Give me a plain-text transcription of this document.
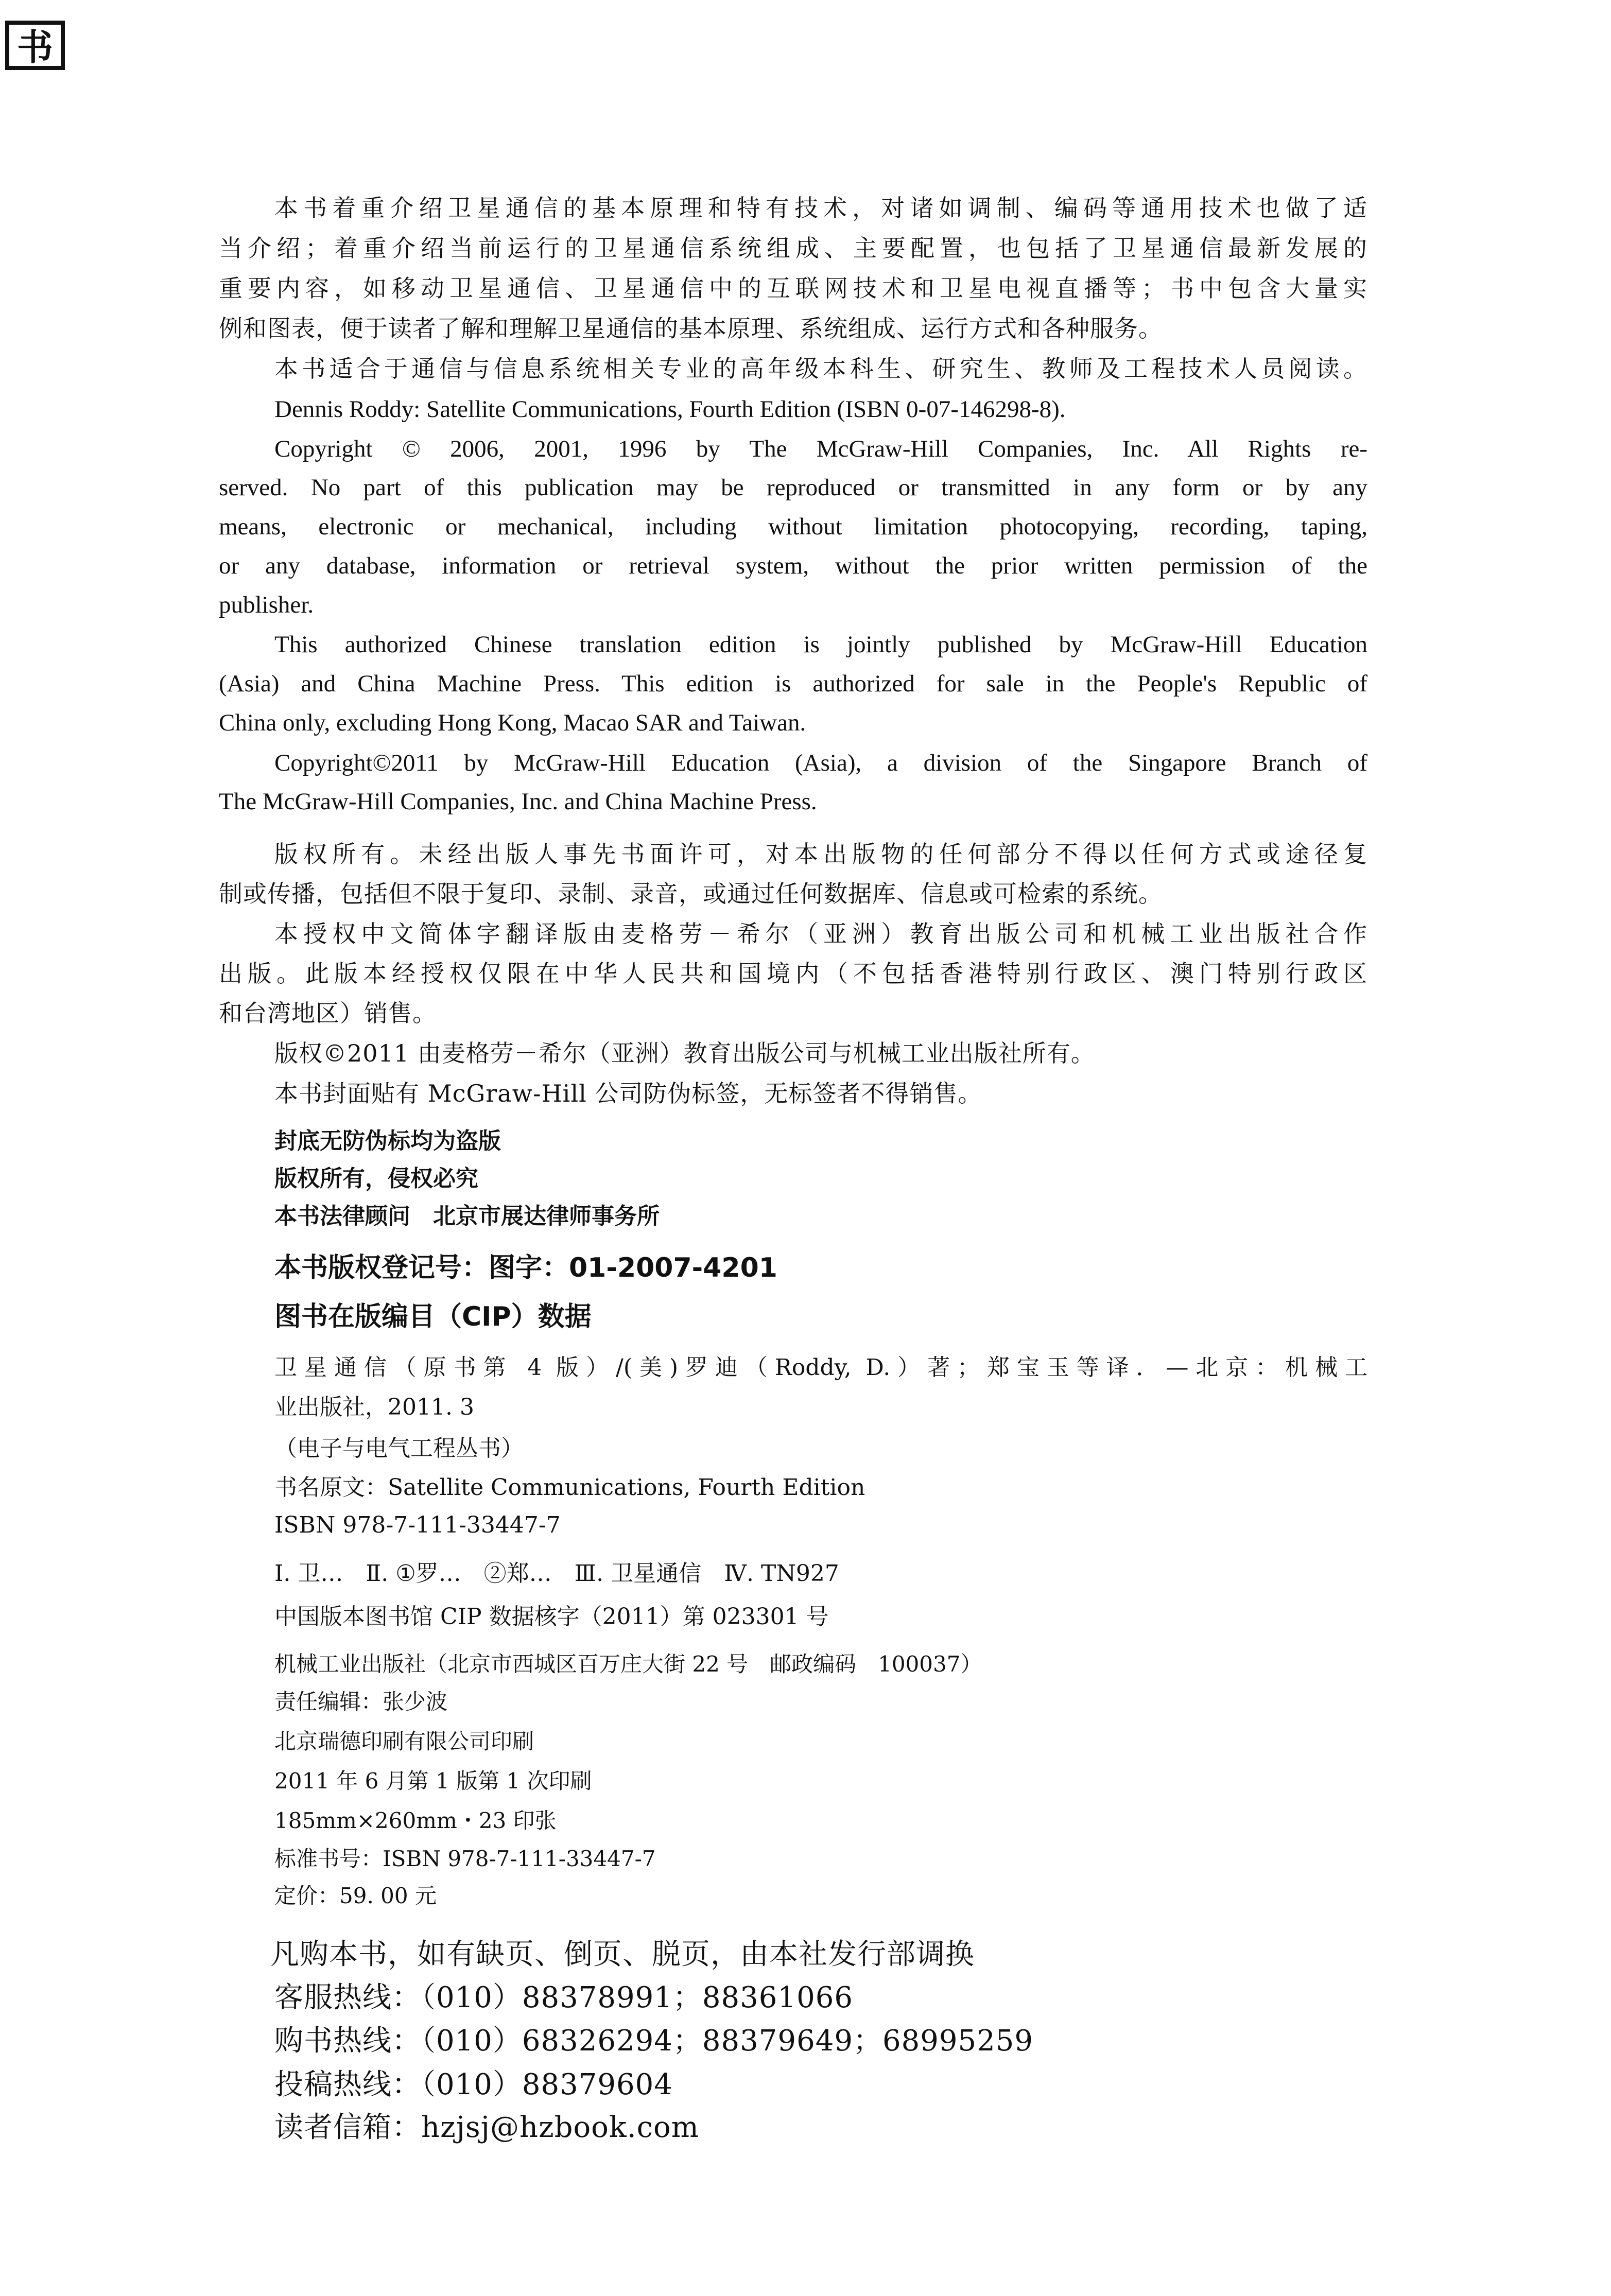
书
本书着重介绍卫星通信的基本原理和特有技术，对诸如调制、编码等通用技术也做了适
当介绍；着重介绍当前运行的卫星通信系统组成、主要配置，也包括了卫星通信最新发展的
重要内容，如移动卫星通信、卫星通信中的互联网技术和卫星电视直播等；书中包含大量实
例和图表，便于读者了解和理解卫星通信的基本原理、系统组成、运行方式和各种服务。
本书适合于通信与信息系统相关专业的高年级本科生、研究生、教师及工程技术人员阅读。
Dennis Roddy: Satellite Communications, Fourth Edition (ISBN 0-07-146298-8).
Copyright © 2006, 2001, 1996 by The McGraw-Hill Companies, Inc. All Rights re-
served. No part of this publication may be reproduced or transmitted in any form or by any
means, electronic or mechanical, including without limitation photocopying, recording, taping,
or any database, information or retrieval system, without the prior written permission of the
publisher.
This authorized Chinese translation edition is jointly published by McGraw-Hill Education
(Asia) and China Machine Press. This edition is authorized for sale in the People's Republic of
China only, excluding Hong Kong, Macao SAR and Taiwan.
Copyright©2011 by McGraw-Hill Education (Asia), a division of the Singapore Branch of
The McGraw-Hill Companies, Inc. and China Machine Press.
版权所有。未经出版人事先书面许可，对本出版物的任何部分不得以任何方式或途径复
制或传播，包括但不限于复印、录制、录音，或通过任何数据库、信息或可检索的系统。
本授权中文简体字翻译版由麦格劳－希尔（亚洲）教育出版公司和机械工业出版社合作
出版。此版本经授权仅限在中华人民共和国境内（不包括香港特别行政区、澳门特别行政区
和台湾地区）销售。
版权©2011 由麦格劳－希尔（亚洲）教育出版公司与机械工业出版社所有。
本书封面贴有 McGraw-Hill 公司防伪标签，无标签者不得销售。
封底无防伪标均为盗版
版权所有，侵权必究
本书法律顾问　北京市展达律师事务所
本书版权登记号：图字：01-2007-4201
图书在版编目（CIP）数据
卫星通信（原书第 4 版）/(美)罗迪（Roddy, D.）著；郑宝玉等译．—北京：机械工
业出版社，2011. 3
（电子与电气工程丛书）
书名原文：Satellite Communications, Fourth Edition
ISBN 978-7-111-33447-7
Ⅰ. 卫…　Ⅱ. ①罗…　②郑…　Ⅲ. 卫星通信　Ⅳ. TN927
中国版本图书馆 CIP 数据核字（2011）第 023301 号
机械工业出版社（北京市西城区百万庄大街 22 号　邮政编码　100037）
责任编辑：张少波
北京瑞德印刷有限公司印刷
2011 年 6 月第 1 版第 1 次印刷
185mm×260mm・23 印张
标准书号：ISBN 978-7-111-33447-7
定价：59. 00 元
凡购本书，如有缺页、倒页、脱页，由本社发行部调换
客服热线：（010）88378991；88361066
购书热线：（010）68326294；88379649；68995259
投稿热线：（010）88379604
读者信箱：hzjsj@hzbook.com
